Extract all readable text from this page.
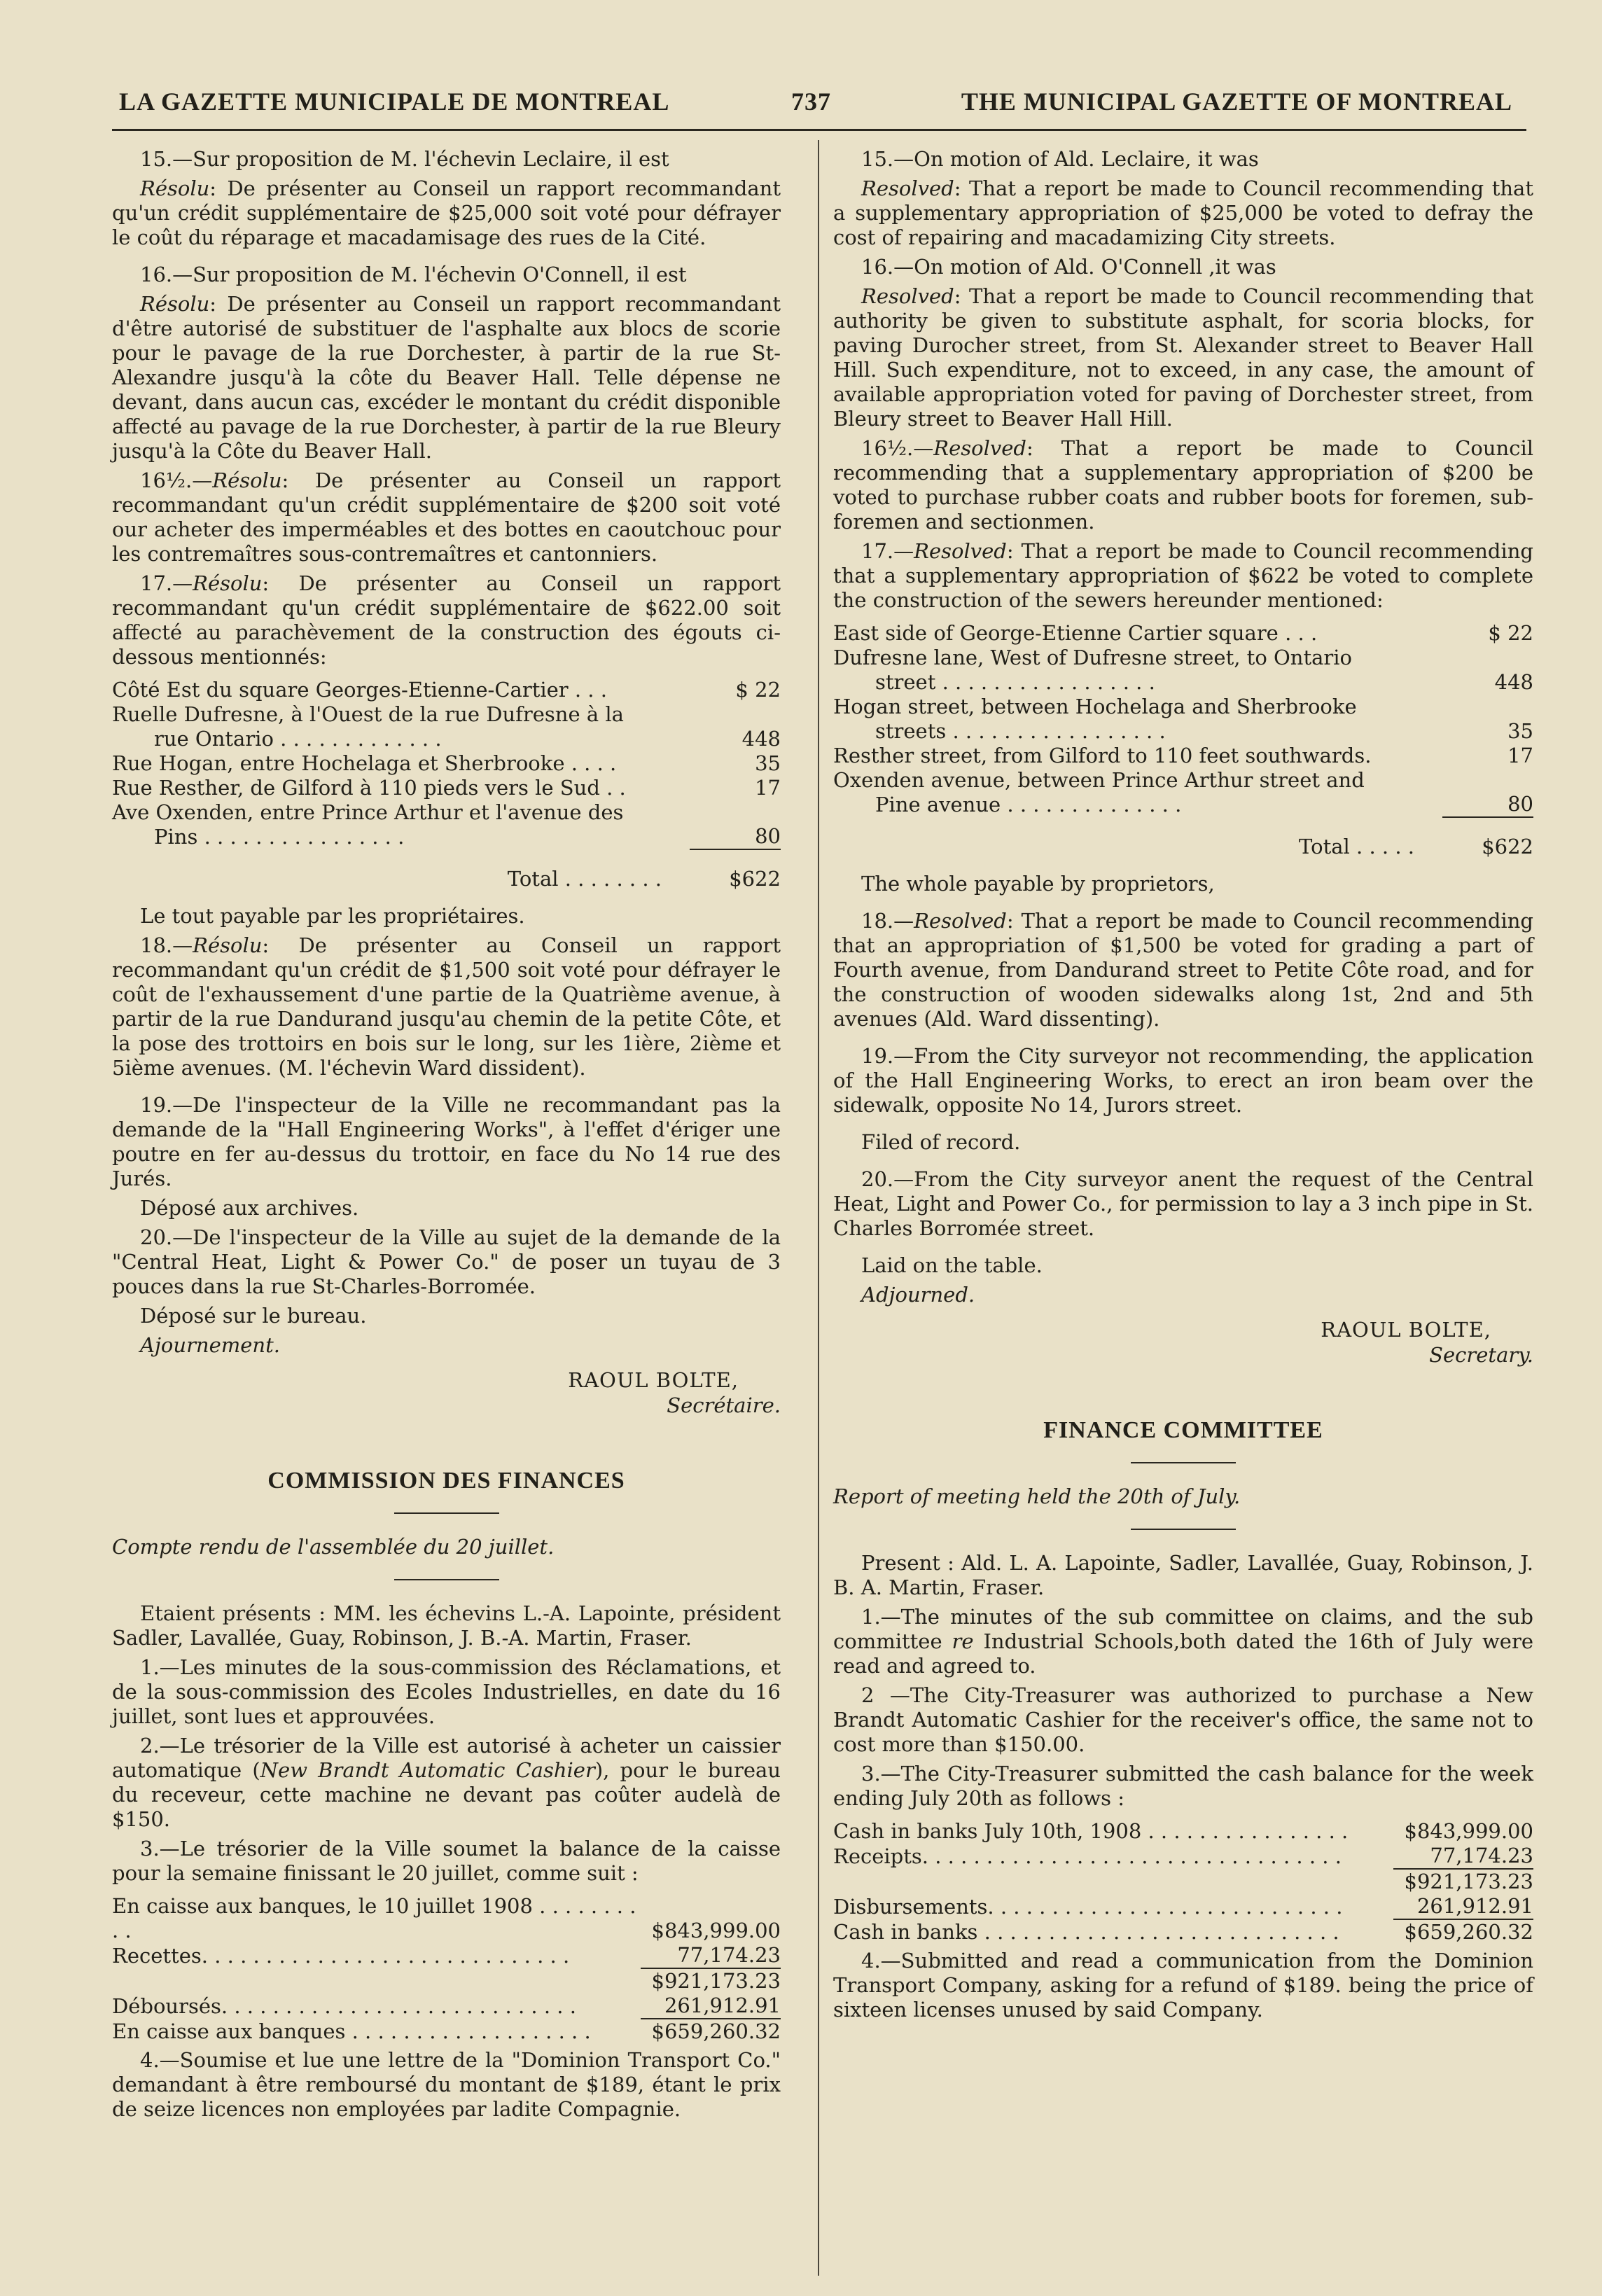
LA GAZETTE MUNICIPALE DE MONTREAL	737	THE MUNICIPAL GAZETTE OF MONTREAL

15.—Sur proposition de M. l'échevin Leclaire, il est

Résolu: De présenter au Conseil un rapport recommandant qu'un crédit supplémentaire de $25,000 soit voté pour défrayer le coût du réparage et macadamisage des rues de la Cité.

16.—Sur proposition de M. l'échevin O'Connell, il est

Résolu: De présenter au Conseil un rapport recommandant d'être autorisé de substituer de l'asphalte aux blocs de scorie pour le pavage de la rue Dorchester, à partir de la rue St-Alexandre jusqu'à la côte du Beaver Hall. Telle dépense ne devant, dans aucun cas, excéder le montant du crédit disponible affecté au pavage de la rue Dorchester, à partir de la rue Bleury jusqu'à la Côte du Beaver Hall.

16½.—Résolu: De présenter au Conseil un rapport recommandant qu'un crédit supplémentaire de $200 soit voté our acheter des imperméables et des bottes en caoutchouc pour les contremaîtres sous-contremaîtres et cantonniers.

17.—Résolu: De présenter au Conseil un rapport recommandant qu'un crédit supplémentaire de $622.00 soit affecté au parachèvement de la construction des égouts ci-dessous mentionnés:

Côté Est du square Georges-Etienne-Cartier . . .	$ 22
Ruelle Dufresne, à l'Ouest de la rue Dufresne à la
rue Ontario . . . . . . . . . . . . .	448
Rue Hogan, entre Hochelaga et Sherbrooke . . . .	35
Rue Resther, de Gilford à 110 pieds vers le Sud . .	17
Ave Oxenden, entre Prince Arthur et l'avenue des
Pins . . . . . . . . . . . . . . . .	80
Total . . . . . . . .	$622

Le tout payable par les propriétaires.

18.—Résolu: De présenter au Conseil un rapport recommandant qu'un crédit de $1,500 soit voté pour défrayer le coût de l'exhaussement d'une partie de la Quatrième avenue, à partir de la rue Dandurand jusqu'au chemin de la petite Côte, et la pose des trottoirs en bois sur le long, sur les 1ière, 2ième et 5ième avenues. (M. l'échevin Ward dissident).

19.—De l'inspecteur de la Ville ne recommandant pas la demande de la "Hall Engineering Works", à l'effet d'ériger une poutre en fer au-dessus du trottoir, en face du No 14 rue des Jurés.

Déposé aux archives.

20.—De l'inspecteur de la Ville au sujet de la demande de la "Central Heat, Light & Power Co." de poser un tuyau de 3 pouces dans la rue St-Charles-Borromée.

Déposé sur le bureau.

Ajournement.

RAOUL BOLTE,
Secrétaire.
COMMISSION DES FINANCES

Compte rendu de l'assemblée du 20 juillet.

Etaient présents : MM. les échevins L.-A. Lapointe, président Sadler, Lavallée, Guay, Robinson, J. B.-A. Martin, Fraser.

1.—Les minutes de la sous-commission des Réclamations, et de la sous-commission des Ecoles Industrielles, en date du 16 juillet, sont lues et approuvées.

2.—Le trésorier de la Ville est autorisé à acheter un caissier automatique (New Brandt Automatic Cashier), pour le bureau du receveur, cette machine ne devant pas coûter audelà de $150.

3.—Le trésorier de la Ville soumet la balance de la caisse pour la semaine finissant le 20 juillet, comme suit :

En caisse aux banques, le 10 juillet 1908 . . . . . . . . . .	$843,999.00
Recettes. . . . . . . . . . . . . . . . . . . . . . . . . . . . .	77,174.23
	$921,173.23
Déboursés. . . . . . . . . . . . . . . . . . . . . . . . . . . .	261,912.91
En caisse aux banques . . . . . . . . . . . . . . . . . . .	$659,260.32

4.—Soumise et lue une lettre de la "Dominion Transport Co." demandant à être remboursé du montant de $189, étant le prix de seize licences non employées par ladite Compagnie.

15.—On motion of Ald. Leclaire, it was

Resolved: That a report be made to Council recommending that a supplementary appropriation of $25,000 be voted to defray the cost of repairing and macadamizing City streets.

16.—On motion of Ald. O'Connell ,it was

Resolved: That a report be made to Council recommending that authority be given to substitute asphalt, for scoria blocks, for paving Durocher street, from St. Alexander street to Beaver Hall Hill. Such expenditure, not to exceed, in any case, the amount of available appropriation voted for paving of Dorchester street, from Bleury street to Beaver Hall Hill.

16½.—Resolved: That a report be made to Council recommending that a supplementary appropriation of $200 be voted to purchase rubber coats and rubber boots for foremen, sub-foremen and sectionmen.

17.—Resolved: That a report be made to Council recommending that a supplementary appropriation of $622 be voted to complete the construction of the sewers hereunder mentioned:

East side of George-Etienne Cartier square . . .	$ 22
Dufresne lane, West of Dufresne street, to Ontario
street . . . . . . . . . . . . . . . . .	448
Hogan street, between Hochelaga and Sherbrooke
streets . . . . . . . . . . . . . . . . .	35
Resther street, from Gilford to 110 feet southwards.	17
Oxenden avenue, between Prince Arthur street and
Pine avenue . . . . . . . . . . . . . .	80
Total . . . . .	$622

The whole payable by proprietors,

18.—Resolved: That a report be made to Council recommending that an appropriation of $1,500 be voted for grading a part of Fourth avenue, from Dandurand street to Petite Côte road, and for the construction of wooden sidewalks along 1st, 2nd and 5th avenues (Ald. Ward dissenting).

19.—From the City surveyor not recommending, the application of the Hall Engineering Works, to erect an iron beam over the sidewalk, opposite No 14, Jurors street.

Filed of record.

20.—From the City surveyor anent the request of the Central Heat, Light and Power Co., for permission to lay a 3 inch pipe in St. Charles Borromée street.

Laid on the table.

Adjourned.

RAOUL BOLTE,
Secretary.
FINANCE COMMITTEE

Report of meeting held the 20th of July.

Present : Ald. L. A. Lapointe, Sadler, Lavallée, Guay, Robinson, J. B. A. Martin, Fraser.

1.—The minutes of the sub committee on claims, and the sub committee re Industrial Schools,both dated the 16th of July were read and agreed to.

2 —The City-Treasurer was authorized to purchase a New Brandt Automatic Cashier for the receiver's office, the same not to cost more than $150.00.

3.—The City-Treasurer submitted the cash balance for the week ending July 20th as follows :

Cash in banks July 10th, 1908 . . . . . . . . . . . . . . . .	$843,999.00
Receipts. . . . . . . . . . . . . . . . . . . . . . . . . . . . . . . . .	77,174.23
	$921,173.23
Disbursements. . . . . . . . . . . . . . . . . . . . . . . . . . . .	261,912.91
Cash in banks . . . . . . . . . . . . . . . . . . . . . . . . . . . .	$659,260.32

4.—Submitted and read a communication from the Dominion Transport Company, asking for a refund of $189. being the price of sixteen licenses unused by said Company.
